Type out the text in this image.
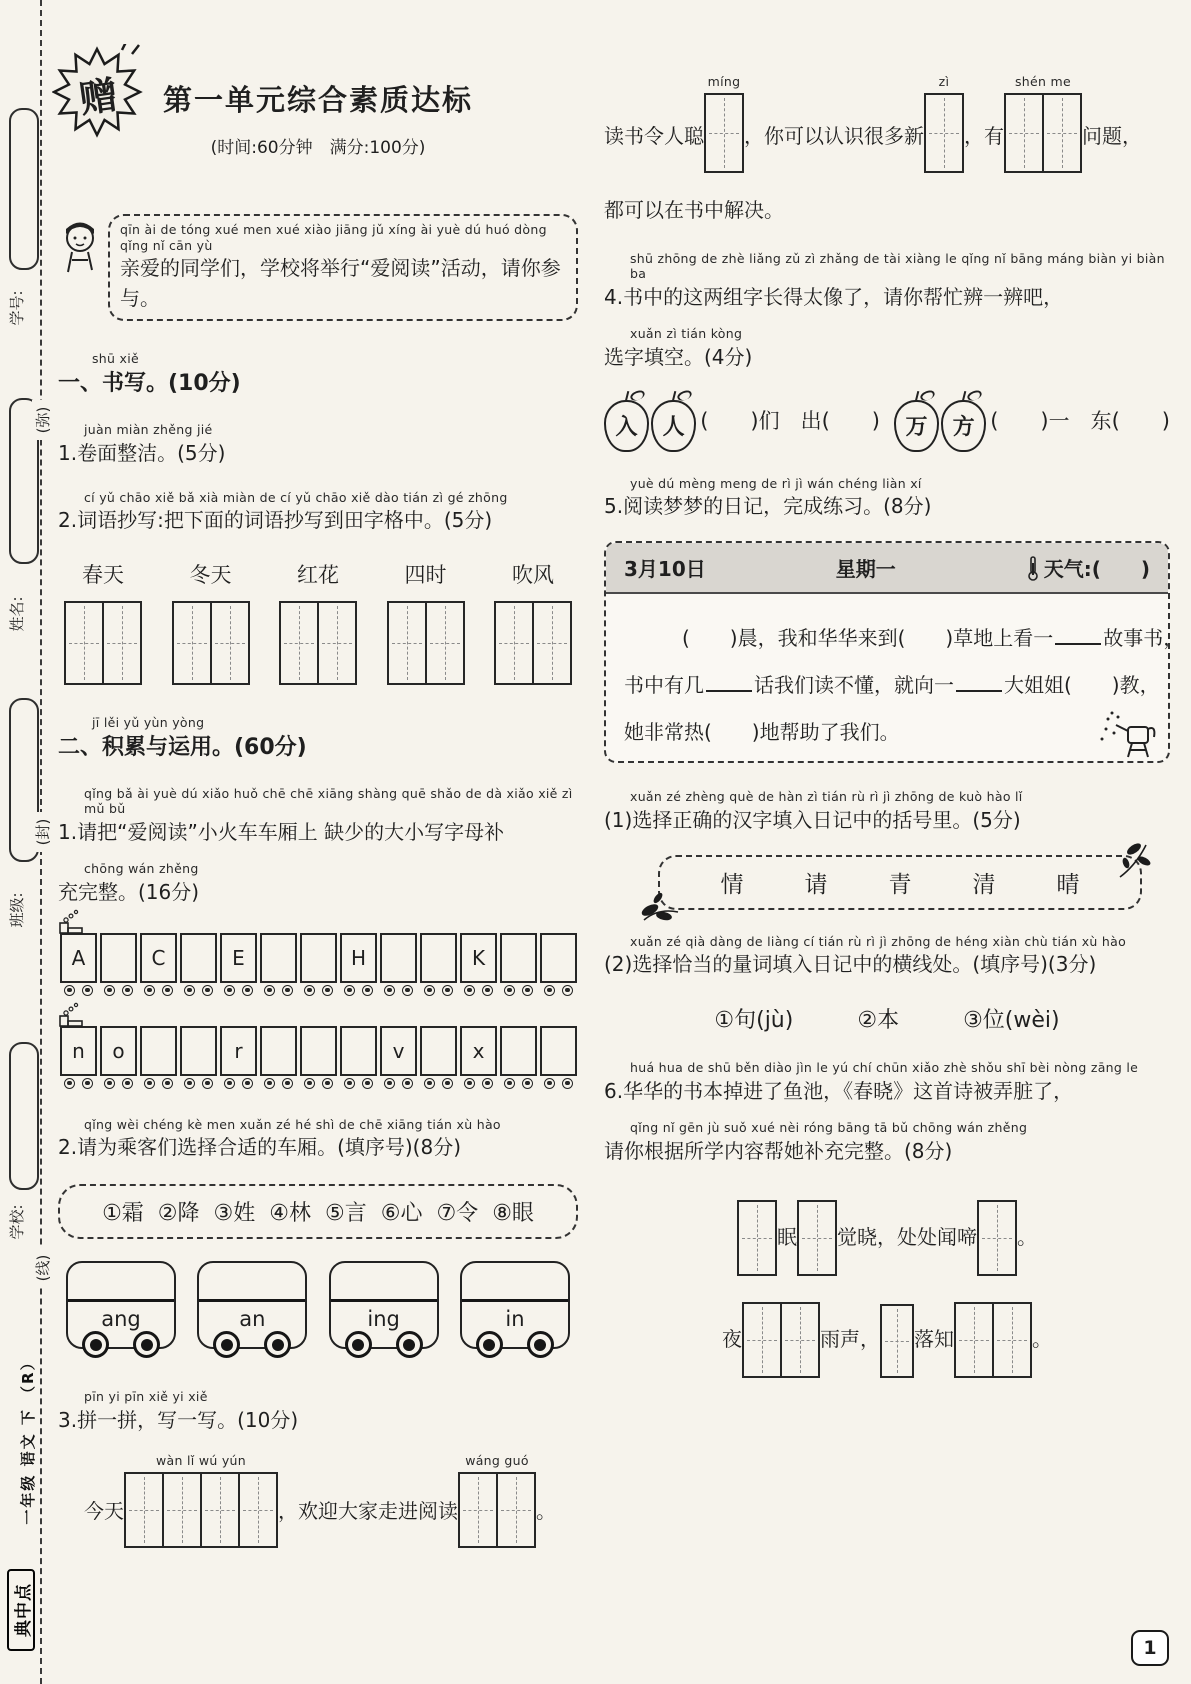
学号:
姓名:
班级:
学校:
(弥)
(封)
(线)
一年级 语文 下 （R）
典中点
赠	第一单元综合素质达标
(时间:60分钟　满分:100分)
qīn ài de tóng xué men xué xiào jiāng jǔ xíng ài yuè dú huó dòng qǐng nǐ cān yù
亲爱的同学们，学校将举行“爱阅读”活动，请你参与。
shū xiě
一、书写。(10分)
juàn miàn zhěng jié
1.卷面整洁。(5分)
cí yǔ chāo xiě bǎ xià miàn de cí yǔ chāo xiě dào tián zì gé zhōng
2.词语抄写:把下面的词语抄写到田字格中。(5分)
春天	冬天	红花	四时	吹风
jī lěi yǔ yùn yòng
二、积累与运用。(60分)
qǐng bǎ ài yuè dú xiǎo huǒ chē chē xiāng shàng quē shǎo de dà xiǎo xiě zì mǔ bǔ
1.请把“爱阅读”小火车车厢上 缺少的大小写字母补
chōng wán zhěng
充完整。(16分)
A	C	E	H	K
n	o	r	v	x
qǐng wèi chéng kè men xuǎn zé hé shì de chē xiāng tián xù hào
2.请为乘客们选择合适的车厢。(填序号)(8分)
①霜 ②降 ③姓 ④林 ⑤言 ⑥心 ⑦令 ⑧眼
ang	an	ing	in
pīn yi pīn xiě yi xiě
3.拼一拼，写一写。(10分)
今天
wàn lǐ wú yún
，欢迎大家走进阅读
wáng guó
。
读书令人聪
míng
，你可以认识很多新
zì
，有
shén me
问题，
都可以在书中解决。
shū zhōng de zhè liǎng zǔ zì zhǎng de tài xiàng le qǐng nǐ bāng máng biàn yi biàn ba
4.书中的这两组字长得太像了，请你帮忙辨一辨吧，
xuǎn zì tián kòng
选字填空。(4分)
入 人 (　　)们　出(　　) 万 方 (　　)一　东(　　)
yuè dú mèng meng de rì jì wán chéng liàn xí
5.阅读梦梦的日记，完成练习。(8分)
3月10日	星期一	天气:(　　)
(　　)晨，我和华华来到(　　)草地上看一	故事书，
书中有几	话我们读不懂，就向一	大姐姐(　　)教，
她非常热(　　)地帮助了我们。
xuǎn zé zhèng què de hàn zì tián rù rì jì zhōng de kuò hào lǐ
(1)选择正确的汉字填入日记中的括号里。(5分)
情	请	青	清	晴
xuǎn zé qià dàng de liàng cí tián rù rì jì zhōng de héng xiàn chù tián xù hào
(2)选择恰当的量词填入日记中的横线处。(填序号)(3分)
①句(jù)	②本	③位(wèi)
huá hua de shū běn diào jìn le yú chí chūn xiǎo zhè shǒu shī bèi nòng zāng le
6.华华的书本掉进了鱼池，《春晓》这首诗被弄脏了，
qǐng nǐ gēn jù suǒ xué nèi róng bāng tā bǔ chōng wán zhěng
请你根据所学内容帮她补充完整。(8分)
眠 觉晓，处处闻啼 。
夜	雨声， 落知	。
1
